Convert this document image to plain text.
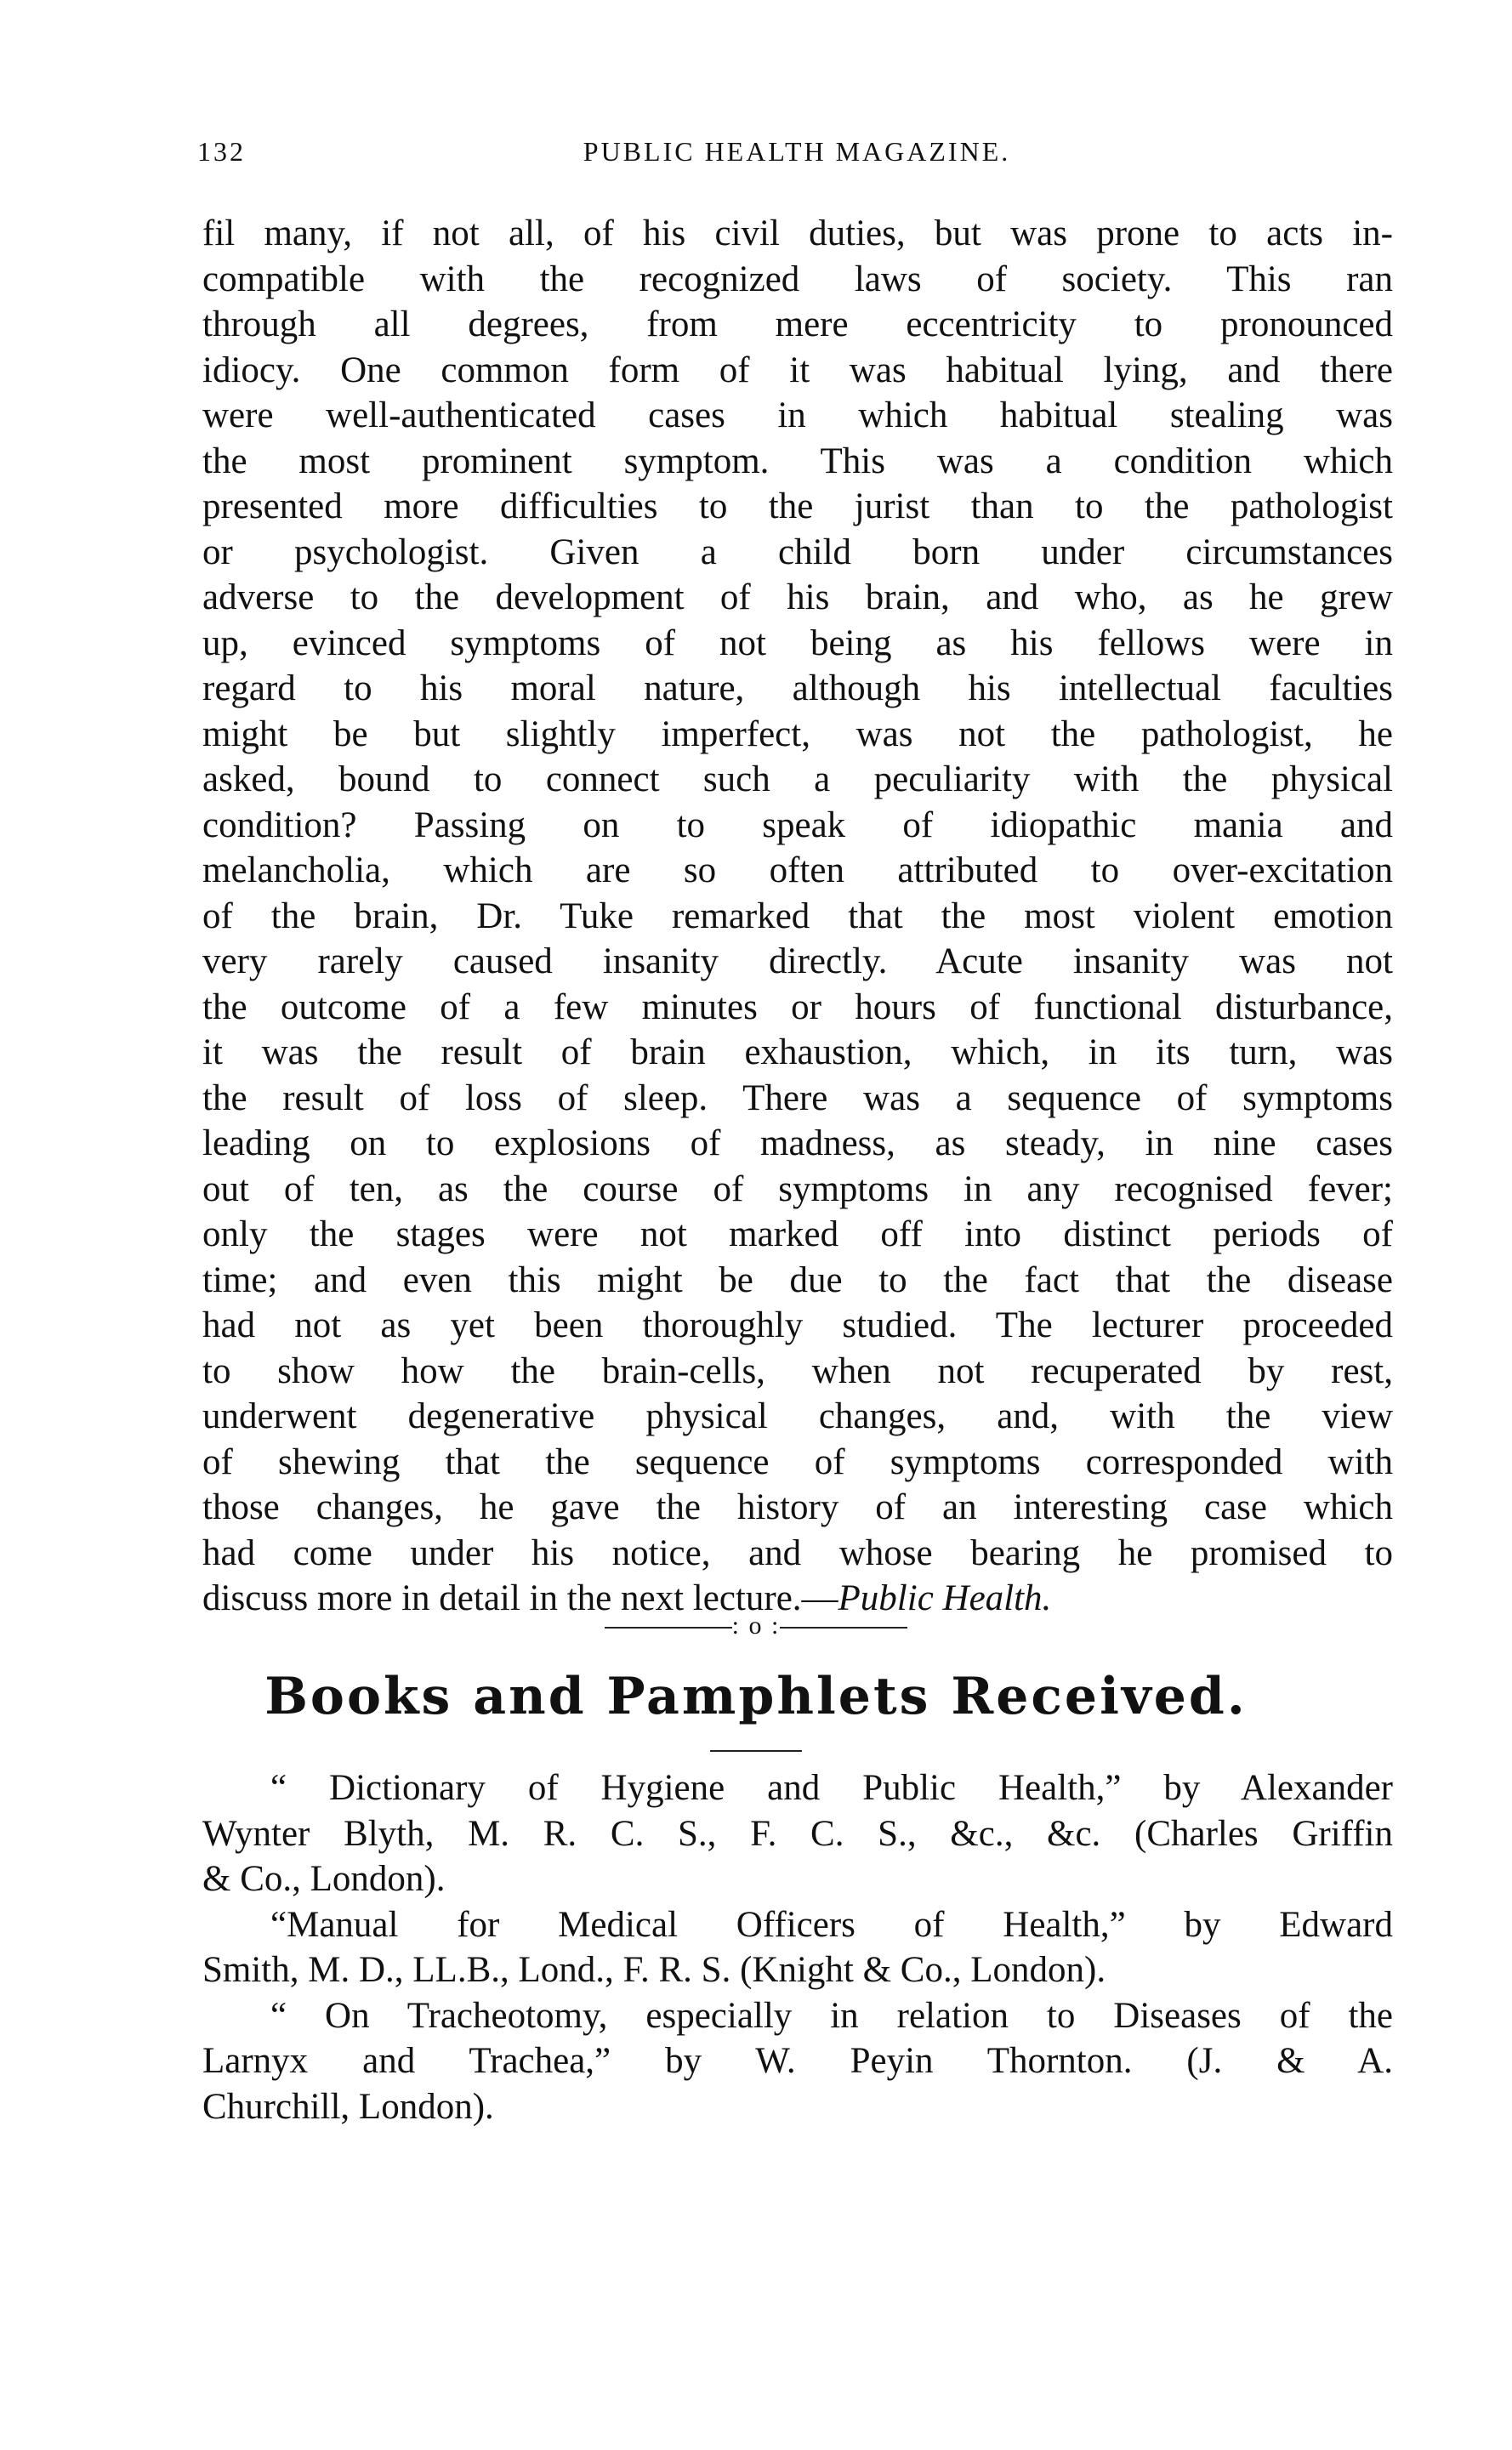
132	PUBLIC HEALTH MAGAZINE.
fil many, if not all, of his civil duties, but was prone to acts in-
compatible with the recognized laws of society. This ran
through all degrees, from mere eccentricity to pronounced
idiocy. One common form of it was habitual lying, and there
were well-authenticated cases in which habitual stealing was
the most prominent symptom. This was a condition which
presented more difficulties to the jurist than to the pathologist
or psychologist. Given a child born under circumstances
adverse to the development of his brain, and who, as he grew
up, evinced symptoms of not being as his fellows were in
regard to his moral nature, although his intellectual faculties
might be but slightly imperfect, was not the pathologist, he
asked, bound to connect such a peculiarity with the physical
condition? Passing on to speak of idiopathic mania and
melancholia, which are so often attributed to over-excitation
of the brain, Dr. Tuke remarked that the most violent emotion
very rarely caused insanity directly. Acute insanity was not
the outcome of a few minutes or hours of functional disturbance,
it was the result of brain exhaustion, which, in its turn, was
the result of loss of sleep. There was a sequence of symptoms
leading on to explosions of madness, as steady, in nine cases
out of ten, as the course of symptoms in any recognised fever;
only the stages were not marked off into distinct periods of
time; and even this might be due to the fact that the disease
had not as yet been thoroughly studied. The lecturer proceeded
to show how the brain-cells, when not recuperated by rest,
underwent degenerative physical changes, and, with the view
of shewing that the sequence of symptoms corresponded with
those changes, he gave the history of an interesting case which
had come under his notice, and whose bearing he promised to
discuss more in detail in the next lecture.—Public Health.
: o :
Books and Pamphlets Received.
“ Dictionary of Hygiene and Public Health,” by Alexander
Wynter Blyth, M. R. C. S., F. C. S., &c., &c. (Charles Griffin
& Co., London).
“Manual for Medical Officers of Health,” by Edward
Smith, M. D., LL.B., Lond., F. R. S. (Knight & Co., London).
“ On Tracheotomy, especially in relation to Diseases of the
Larnyx and Trachea,” by W. Peyin Thornton. (J. & A.
Churchill, London).
